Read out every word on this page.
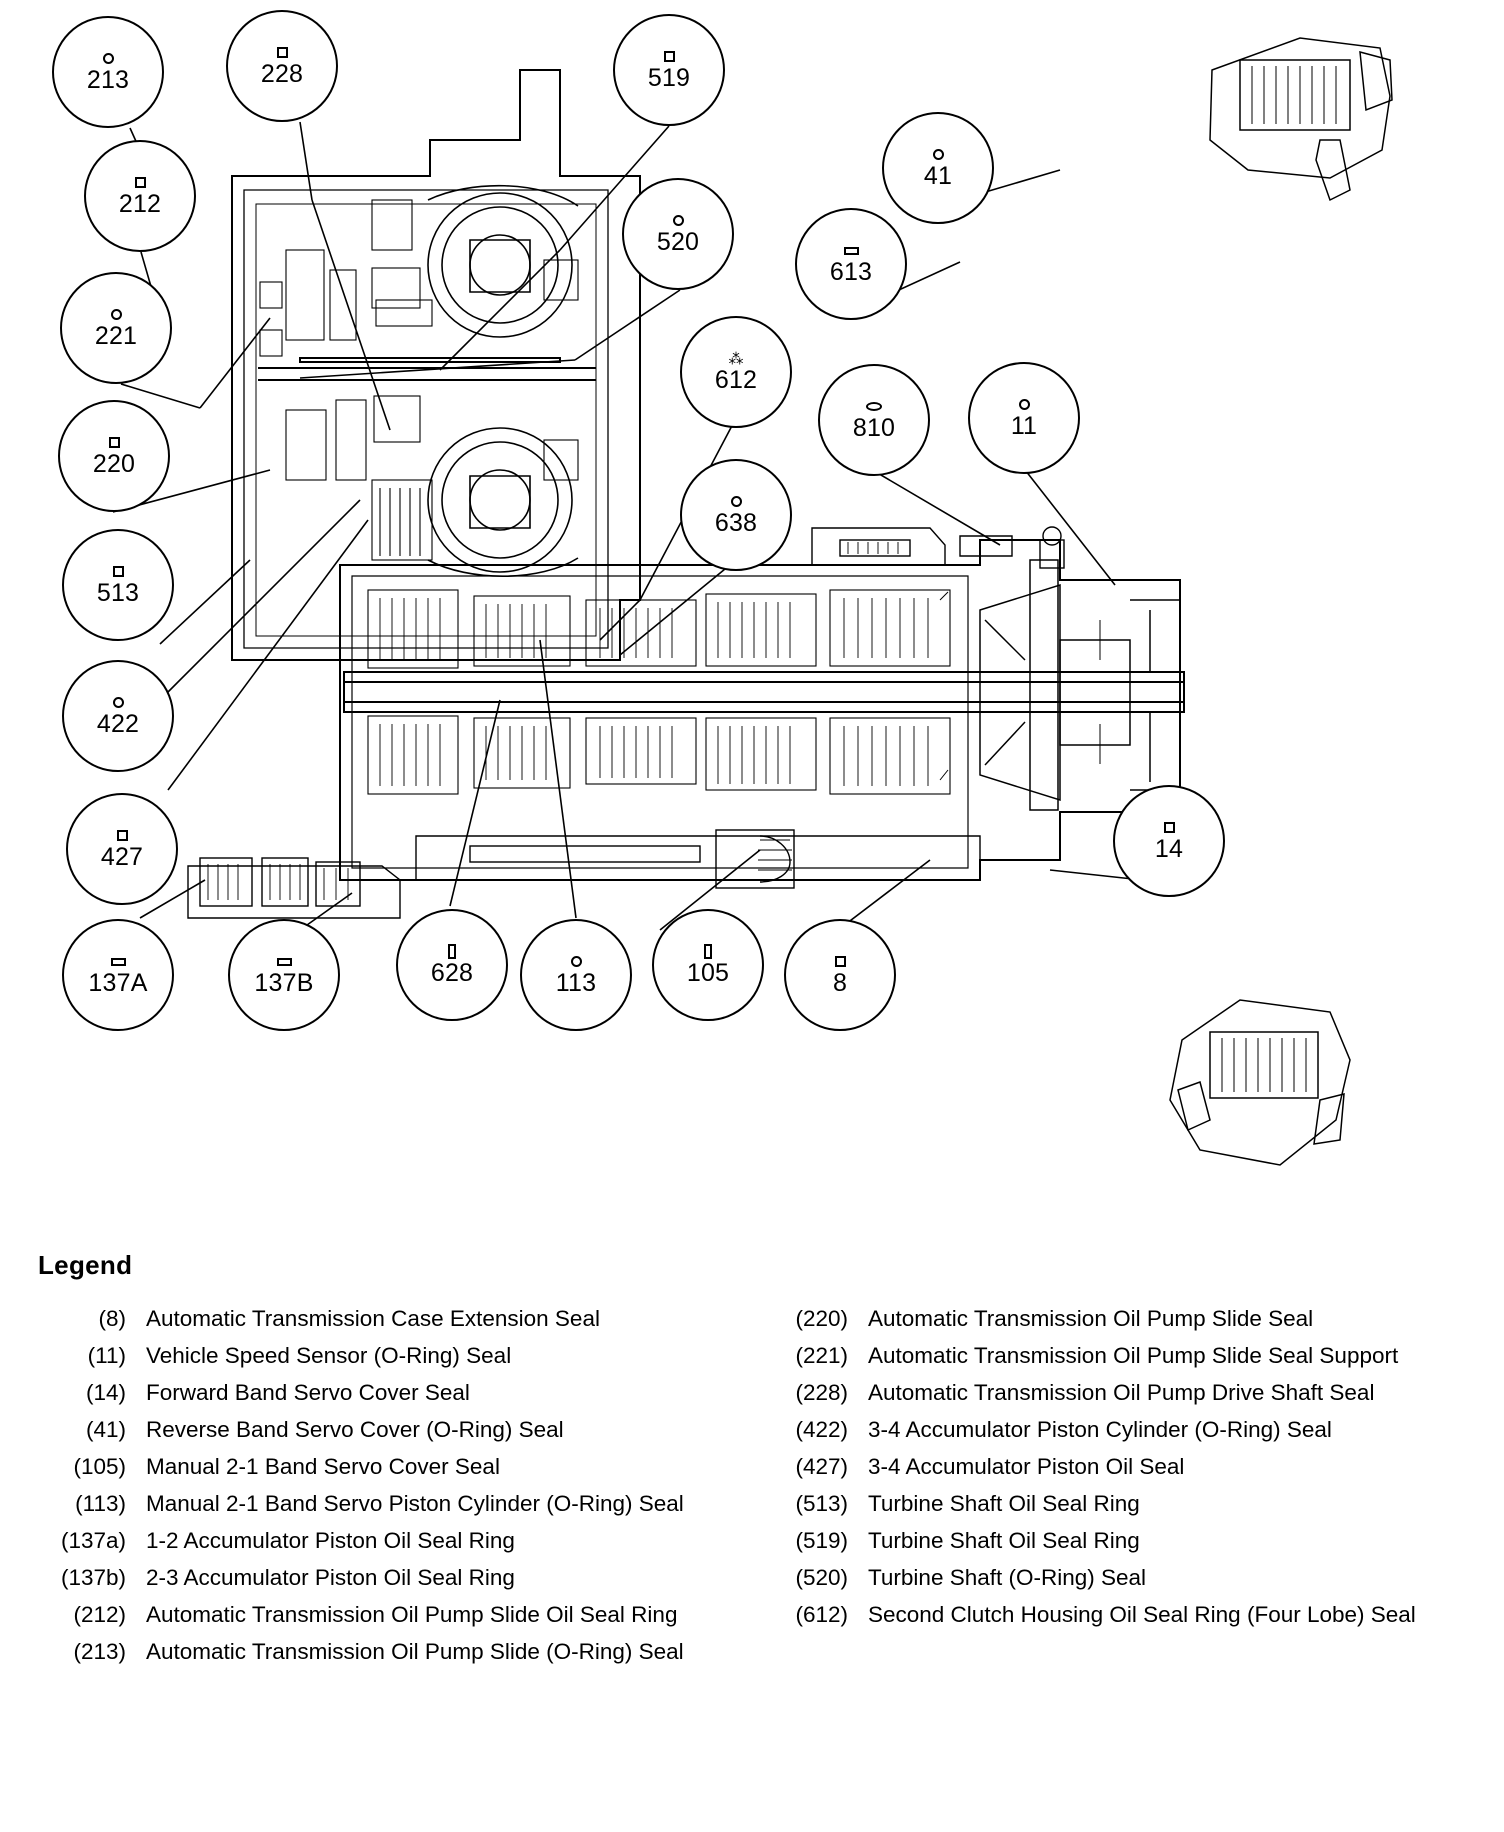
213	228	519
41
212
520
613
221
⁂
612
220
810	11
513
638
422
427	14
137A	137B	628	113	105	8
Legend
(8) Automatic Transmission Case Extension Seal
(11) Vehicle Speed Sensor (O-Ring) Seal
(14) Forward Band Servo Cover Seal
(41) Reverse Band Servo Cover (O-Ring) Seal
(105) Manual 2-1 Band Servo Cover Seal
(113) Manual 2-1 Band Servo Piston Cylinder (O-Ring) Seal
(137a) 1-2 Accumulator Piston Oil Seal Ring
(137b) 2-3 Accumulator Piston Oil Seal Ring
(212) Automatic Transmission Oil Pump Slide Oil Seal Ring
(213) Automatic Transmission Oil Pump Slide (O-Ring) Seal
(220) Automatic Transmission Oil Pump Slide Seal
(221) Automatic Transmission Oil Pump Slide Seal Support
(228) Automatic Transmission Oil Pump Drive Shaft Seal
(422) 3-4 Accumulator Piston Cylinder (O-Ring) Seal
(427) 3-4 Accumulator Piston Oil Seal
(513) Turbine Shaft Oil Seal Ring
(519) Turbine Shaft Oil Seal Ring
(520) Turbine Shaft (O-Ring) Seal
(612) Second Clutch Housing Oil Seal Ring (Four Lobe) Seal
